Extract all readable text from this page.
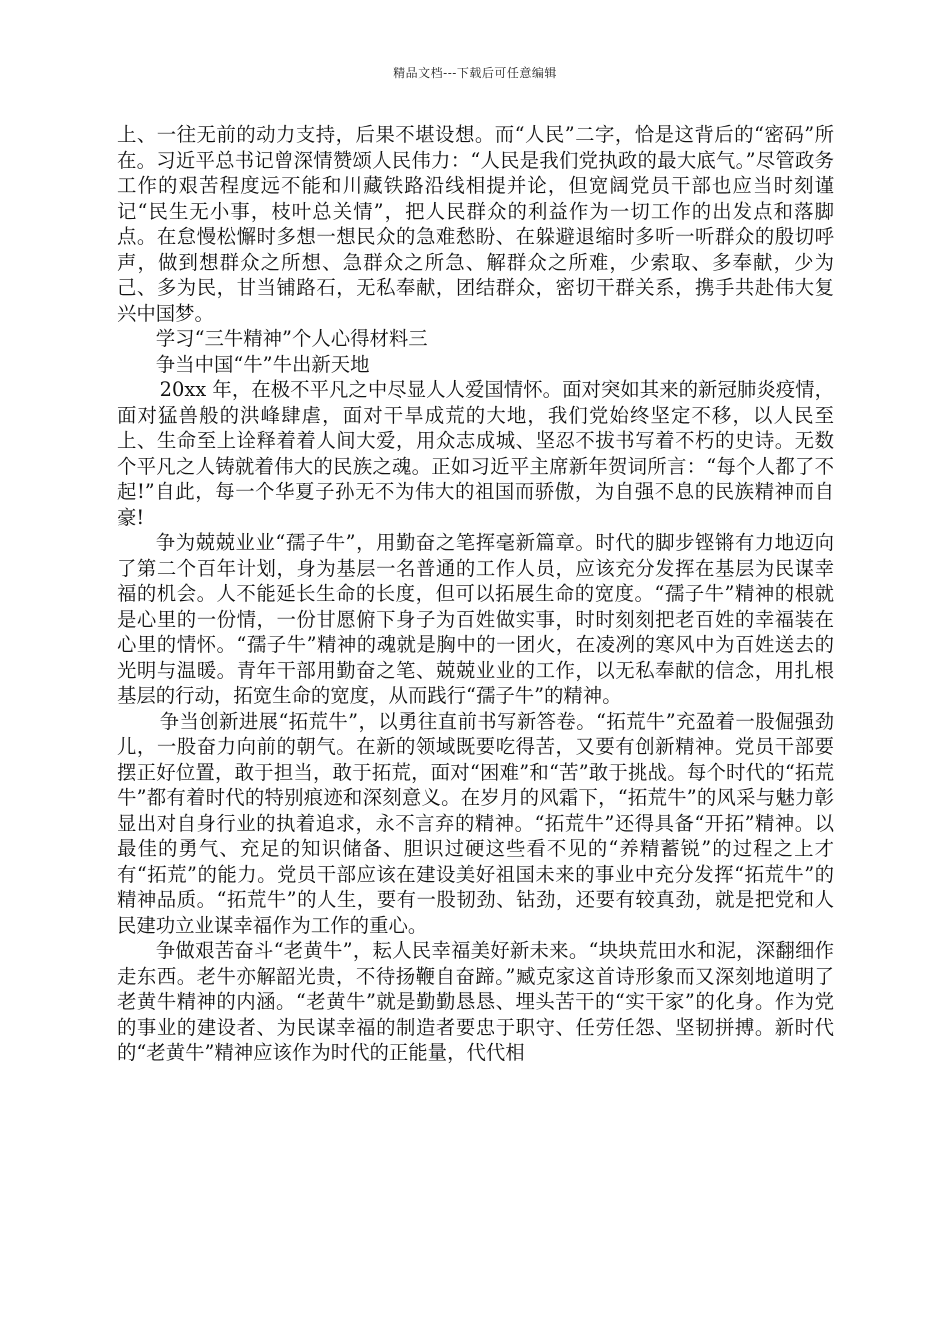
精品文档---下载后可任意编辑

上、一往无前的动力支持，后果不堪设想。而“人民”二字，恰是这背后的“密码”所在。习近平总书记曾深情赞颂人民伟力：“人民是我们党执政的最大底气。”尽管政务工作的艰苦程度远不能和川藏铁路沿线相提并论，但宽阔党员干部也应当时刻谨记“民生无小事，枝叶总关情”，把人民群众的利益作为一切工作的出发点和落脚点。在怠慢松懈时多想一想民众的急难愁盼、在躲避退缩时多听一听群众的殷切呼声，做到想群众之所想、急群众之所急、解群众之所难，少索取、多奉献，少为己、多为民，甘当铺路石，无私奉献，团结群众，密切干群关系，携手共赴伟大复兴中国梦。

学习“三牛精神”个人心得材料三

争当中国“牛”牛出新天地

20xx 年，在极不平凡之中尽显人人爱国情怀。面对突如其来的新冠肺炎疫情，面对猛兽般的洪峰肆虐，面对干旱成荒的大地，我们党始终坚定不移，以人民至上、生命至上诠释着着人间大爱，用众志成城、坚忍不拔书写着不朽的史诗。无数个平凡之人铸就着伟大的民族之魂。正如习近平主席新年贺词所言：“每个人都了不起!”自此，每一个华夏子孙无不为伟大的祖国而骄傲，为自强不息的民族精神而自豪!

争为兢兢业业“孺子牛”，用勤奋之笔挥毫新篇章。时代的脚步铿锵有力地迈向了第二个百年计划，身为基层一名普通的工作人员，应该充分发挥在基层为民谋幸福的机会。人不能延长生命的长度，但可以拓展生命的宽度。“孺子牛”精神的根就是心里的一份情，一份甘愿俯下身子为百姓做实事，时时刻刻把老百姓的幸福装在心里的情怀。“孺子牛”精神的魂就是胸中的一团火，在凌冽的寒风中为百姓送去的光明与温暖。青年干部用勤奋之笔、兢兢业业的工作，以无私奉献的信念，用扎根基层的行动，拓宽生命的宽度，从而践行“孺子牛”的精神。

争当创新进展“拓荒牛”，以勇往直前书写新答卷。“拓荒牛”充盈着一股倔强劲儿，一股奋力向前的朝气。在新的领域既要吃得苦，又要有创新精神。党员干部要摆正好位置，敢于担当，敢于拓荒，面对“困难”和“苦”敢于挑战。每个时代的“拓荒牛”都有着时代的特别痕迹和深刻意义。在岁月的风霜下，“拓荒牛”的风采与魅力彰显出对自身行业的执着追求，永不言弃的精神。“拓荒牛”还得具备“开拓”精神。以最佳的勇气、充足的知识储备、胆识过硬这些看不见的“养精蓄锐”的过程之上才有“拓荒”的能力。党员干部应该在建设美好祖国未来的事业中充分发挥“拓荒牛”的精神品质。“拓荒牛”的人生，要有一股韧劲、钻劲，还要有较真劲，就是把党和人民建功立业谋幸福作为工作的重心。

争做艰苦奋斗“老黄牛”，耘人民幸福美好新未来。“块块荒田水和泥，深翻细作走东西。老牛亦解韶光贵，不待扬鞭自奋蹄。”臧克家这首诗形象而又深刻地道明了老黄牛精神的内涵。“老黄牛”就是勤勤恳恳、埋头苦干的“实干家”的化身。作为党的事业的建设者、为民谋幸福的制造者要忠于职守、任劳任怨、坚韧拼搏。新时代的“老黄牛”精神应该作为时代的正能量，代代相
